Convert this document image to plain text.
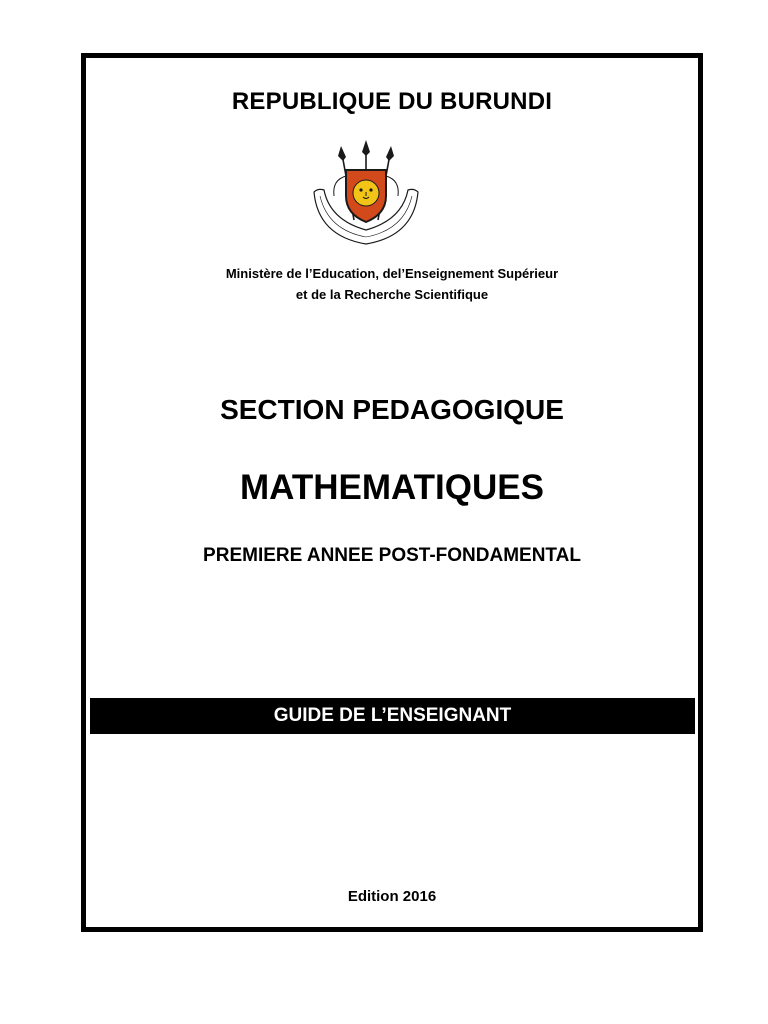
REPUBLIQUE DU BURUNDI
Ministère de l’Education, del’Enseignement Supérieur
et de la Recherche Scientifique
SECTION PEDAGOGIQUE
MATHEMATIQUES
PREMIERE ANNEE POST-FONDAMENTAL
GUIDE DE L’ENSEIGNANT
Edition 2016
